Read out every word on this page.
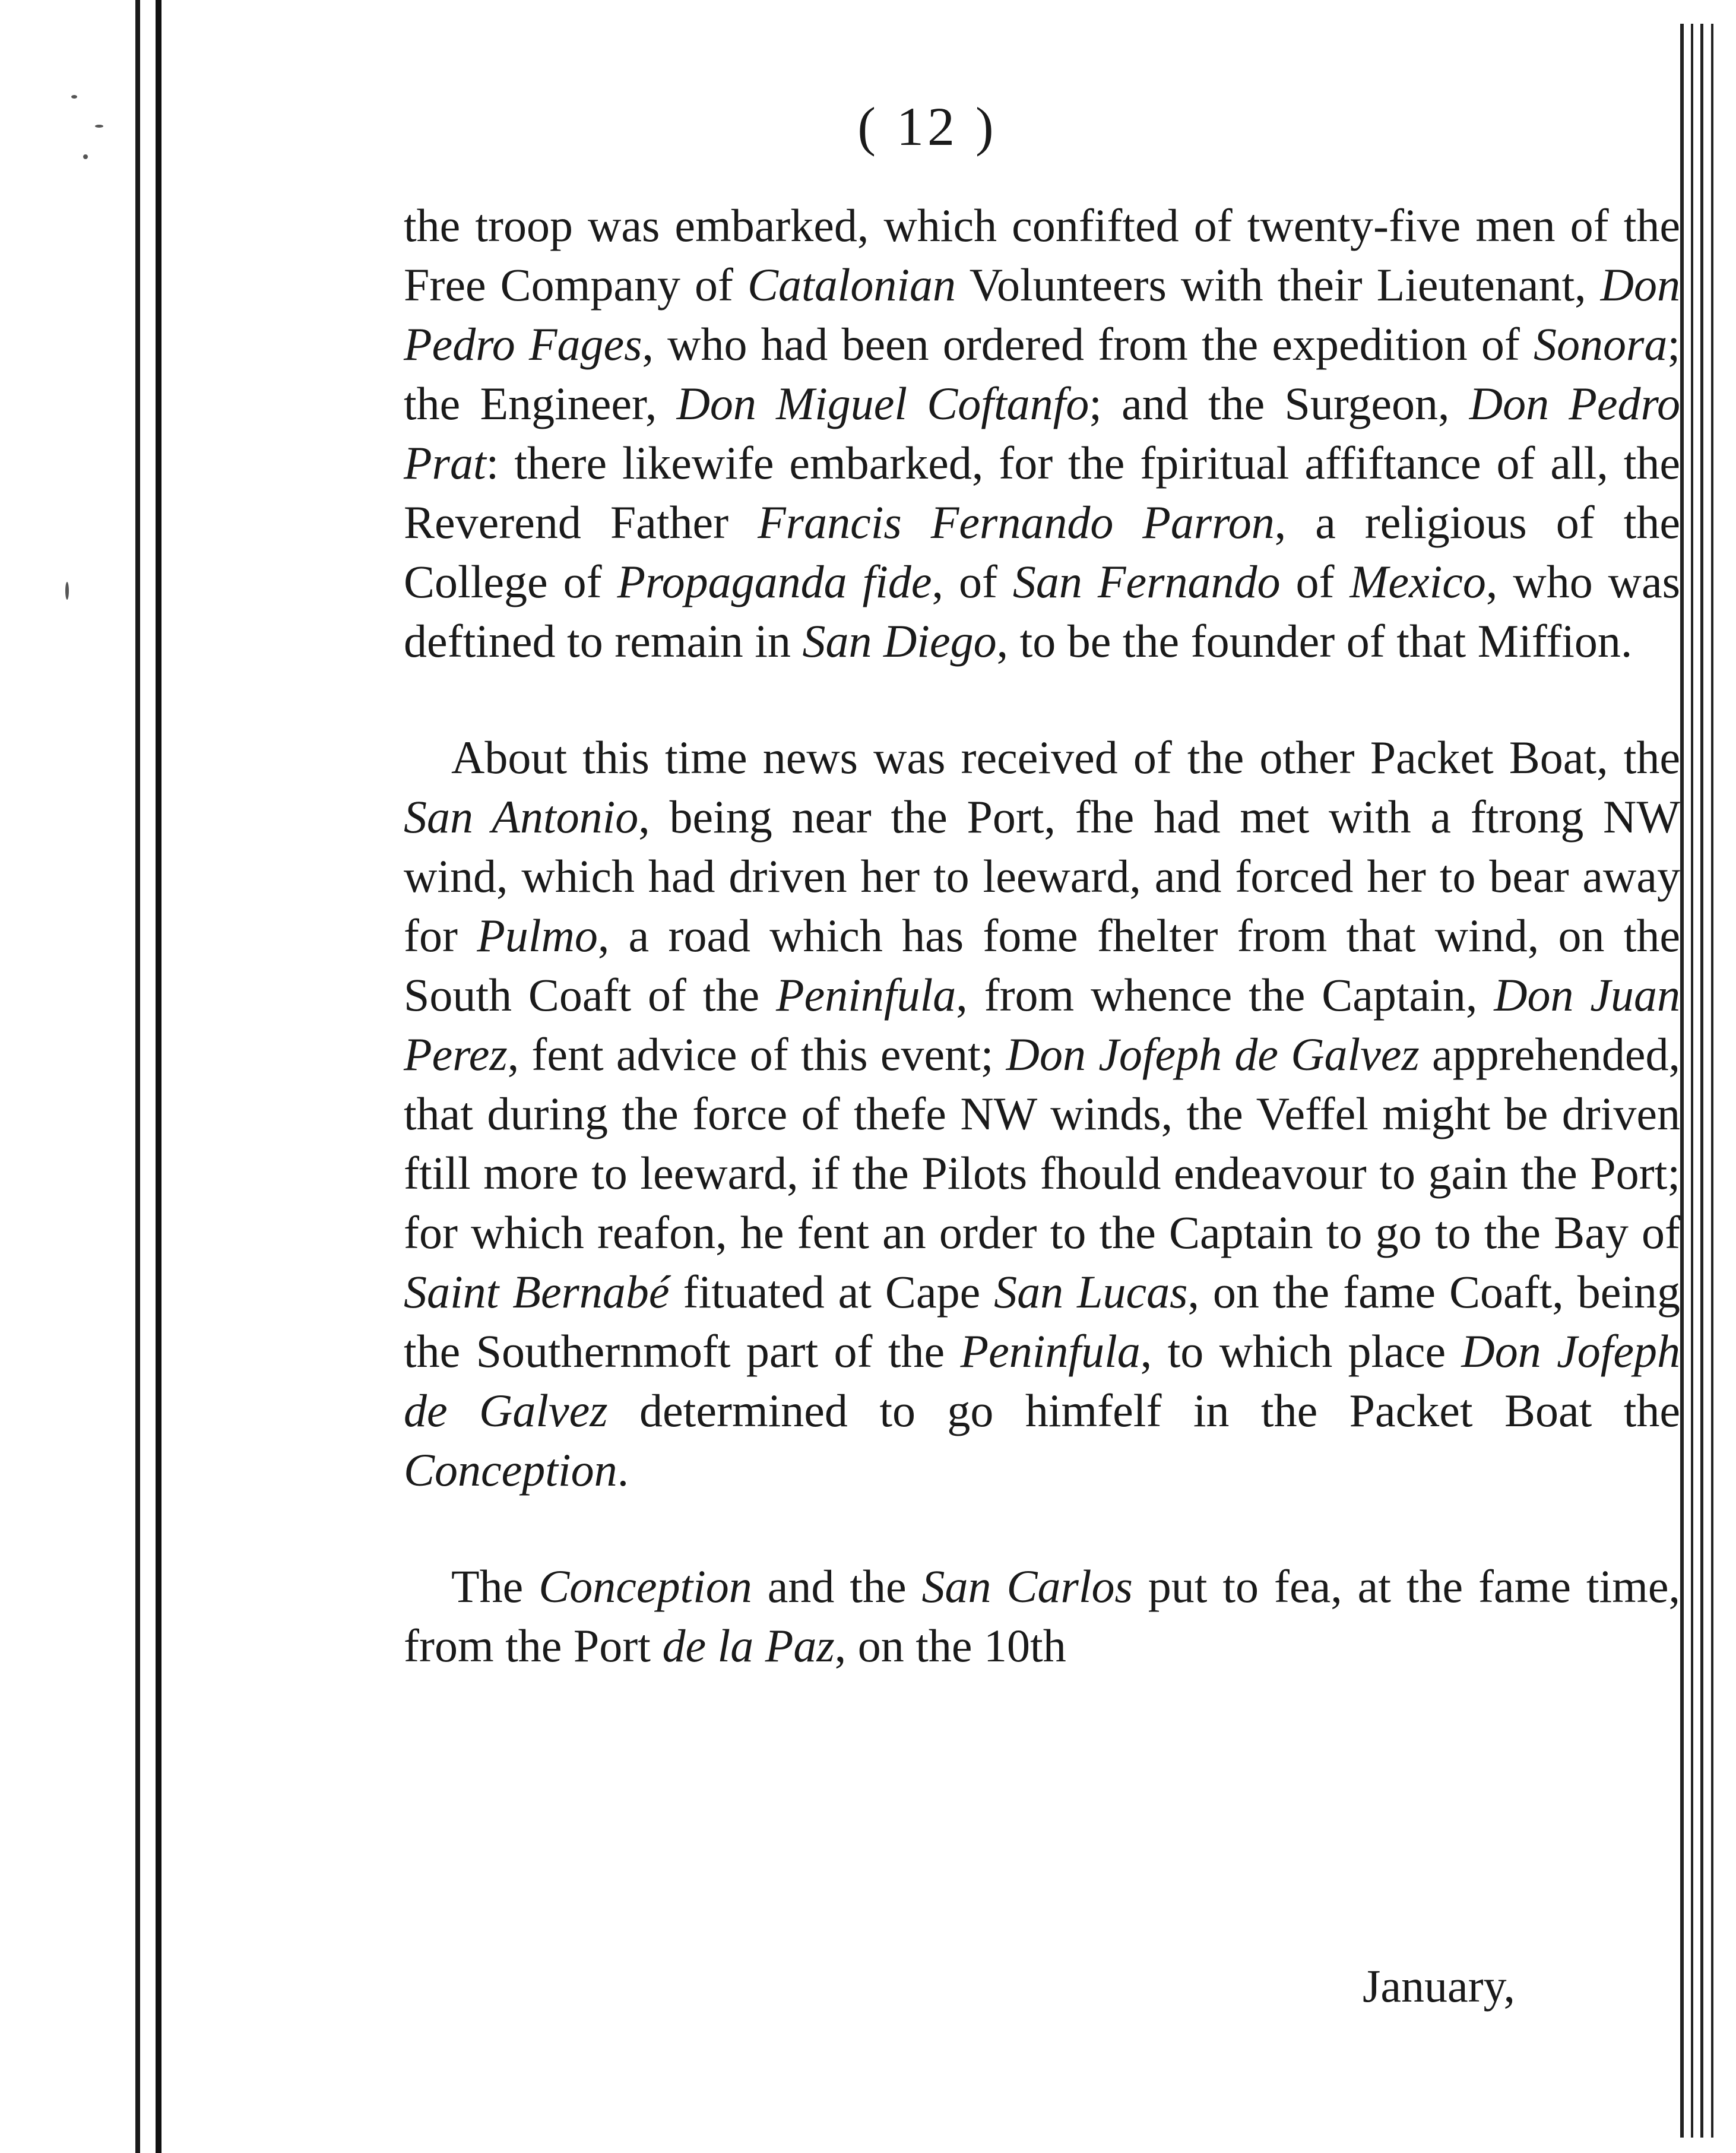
( 12 )

the troop was embarked, which confifted of twenty-five men of the Free Company of Catalonian Volunteers with their Lieutenant, Don Pedro Fages, who had been ordered from the expedition of Sonora; the Engineer, Don Miguel Coftanfo; and the Surgeon, Don Pedro Prat: there likewife embarked, for the fpiritual affiftance of all, the Reverend Father Francis Fernando Parron, a religious of the College of Propaganda fide, of San Fernando of Mexico, who was deftined to remain in San Diego, to be the founder of that Miffion.

About this time news was received of the other Packet Boat, the San Antonio, being near the Port, fhe had met with a ftrong NW wind, which had driven her to leeward, and forced her to bear away for Pulmo, a road which has fome fhelter from that wind, on the South Coaft of the Peninfula, from whence the Captain, Don Juan Perez, fent advice of this event; Don Jofeph de Galvez apprehended, that during the force of thefe NW winds, the Veffel might be driven ftill more to leeward, if the Pilots fhould endeavour to gain the Port; for which reafon, he fent an order to the Captain to go to the Bay of Saint Bernabé fituated at Cape San Lucas, on the fame Coaft, being the Southernmoft part of the Peninfula, to which place Don Jofeph de Galvez determined to go himfelf in the Packet Boat the Conception.

The Conception and the San Carlos put to fea, at the fame time, from the Port de la Paz, on the 10th

January,
